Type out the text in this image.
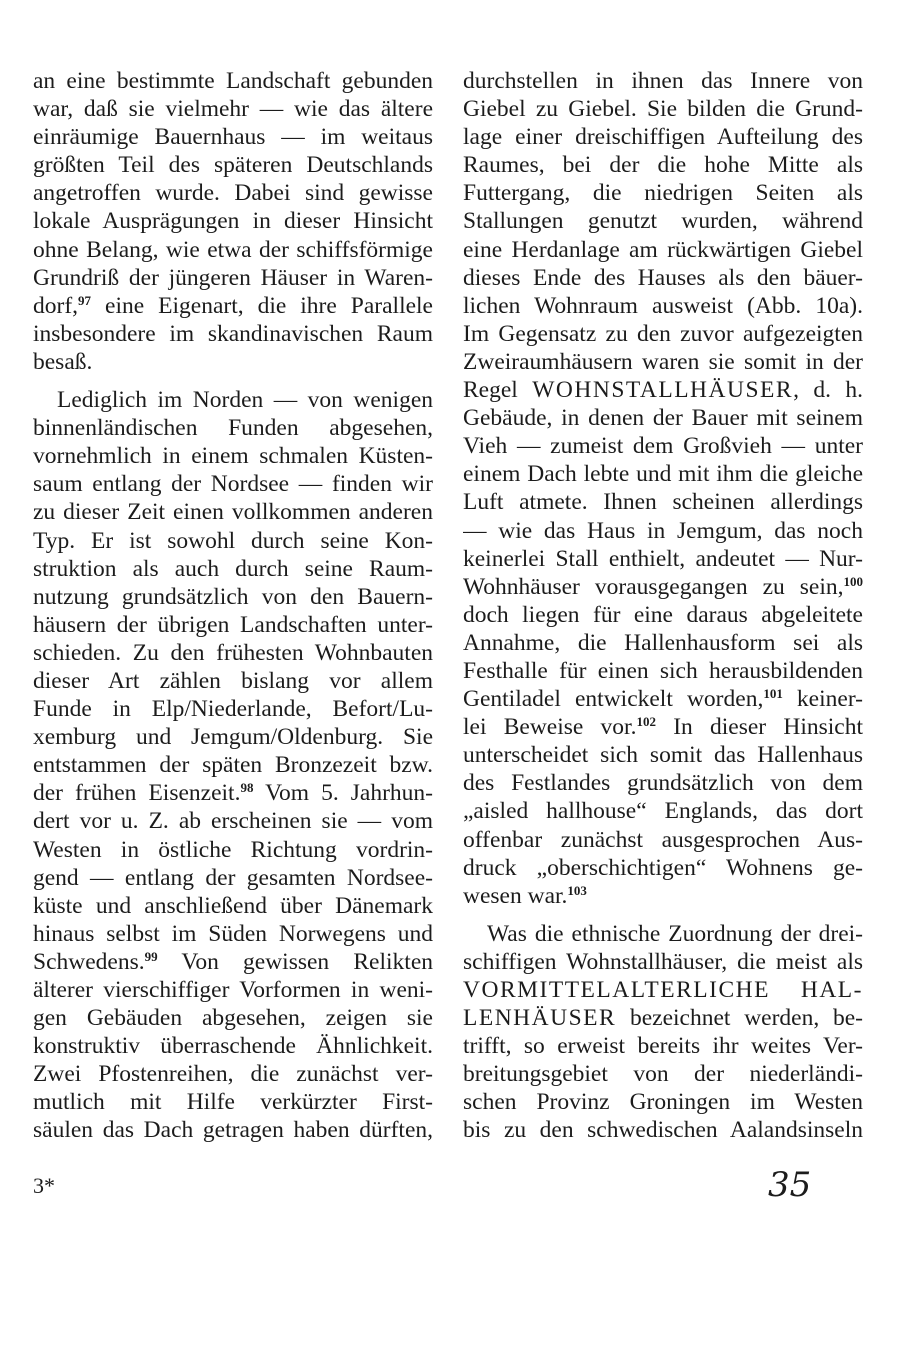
an eine bestimmte Landschaft gebunden
war, daß sie vielmehr — wie das ältere
einräumige Bauernhaus — im weitaus
größten Teil des späteren Deutschlands
angetroffen wurde. Dabei sind gewisse
lokale Ausprägungen in dieser Hinsicht
ohne Belang, wie etwa der schiffsförmige
Grundriß der jüngeren Häuser in Waren-
dorf,$^{97}$ eine Eigenart, die ihre Parallele
insbesondere im skandinavischen Raum
besaß.
Lediglich im Norden — von wenigen
binnenländischen Funden abgesehen,
vornehmlich in einem schmalen Küsten-
saum entlang der Nordsee — finden wir
zu dieser Zeit einen vollkommen anderen
Typ. Er ist sowohl durch seine Kon-
struktion als auch durch seine Raum-
nutzung grundsätzlich von den Bauern-
häusern der übrigen Landschaften unter-
schieden. Zu den frühesten Wohnbauten
dieser Art zählen bislang vor allem
Funde in Elp/Niederlande, Befort/Lu-
xemburg und Jemgum/Oldenburg. Sie
entstammen der späten Bronzezeit bzw.
der frühen Eisenzeit.$^{98}$ Vom 5. Jahrhun-
dert vor u. Z. ab erscheinen sie — vom
Westen in östliche Richtung vordrin-
gend — entlang der gesamten Nordsee-
küste und anschließend über Dänemark
hinaus selbst im Süden Norwegens und
Schwedens.$^{99}$ Von gewissen Relikten
älterer vierschiffiger Vorformen in weni-
gen Gebäuden abgesehen, zeigen sie
konstruktiv überraschende Ähnlichkeit.
Zwei Pfostenreihen, die zunächst ver-
mutlich mit Hilfe verkürzter First-
säulen das Dach getragen haben dürften,
durchstellen in ihnen das Innere von
Giebel zu Giebel. Sie bilden die Grund-
lage einer dreischiffigen Aufteilung des
Raumes, bei der die hohe Mitte als
Futtergang, die niedrigen Seiten als
Stallungen genutzt wurden, während
eine Herdanlage am rückwärtigen Giebel
dieses Ende des Hauses als den bäuer-
lichen Wohnraum ausweist (Abb. 10a).
Im Gegensatz zu den zuvor aufgezeigten
Zweiraumhäusern waren sie somit in der
Regel WOHNSTALLHÄUSER, d. h.
Gebäude, in denen der Bauer mit seinem
Vieh — zumeist dem Großvieh — unter
einem Dach lebte und mit ihm die gleiche
Luft atmete. Ihnen scheinen allerdings
— wie das Haus in Jemgum, das noch
keinerlei Stall enthielt, andeutet — Nur-
Wohnhäuser vorausgegangen zu sein,$^{100}$
doch liegen für eine daraus abgeleitete
Annahme, die Hallenhausform sei als
Festhalle für einen sich herausbildenden
Gentiladel entwickelt worden,$^{101}$ keiner-
lei Beweise vor.$^{102}$ In dieser Hinsicht
unterscheidet sich somit das Hallenhaus
des Festlandes grundsätzlich von dem
„aisled hallhouse“ Englands, das dort
offenbar zunächst ausgesprochen Aus-
druck „oberschichtigen“ Wohnens ge-
wesen war.$^{103}$
Was die ethnische Zuordnung der drei-
schiffigen Wohnstallhäuser, die meist als
VORMITTELALTERLICHE HAL-
LENHÄUSER bezeichnet werden, be-
trifft, so erweist bereits ihr weites Ver-
breitungsgebiet von der niederländi-
schen Provinz Groningen im Westen
bis zu den schwedischen Aalandsinseln
3*	35
